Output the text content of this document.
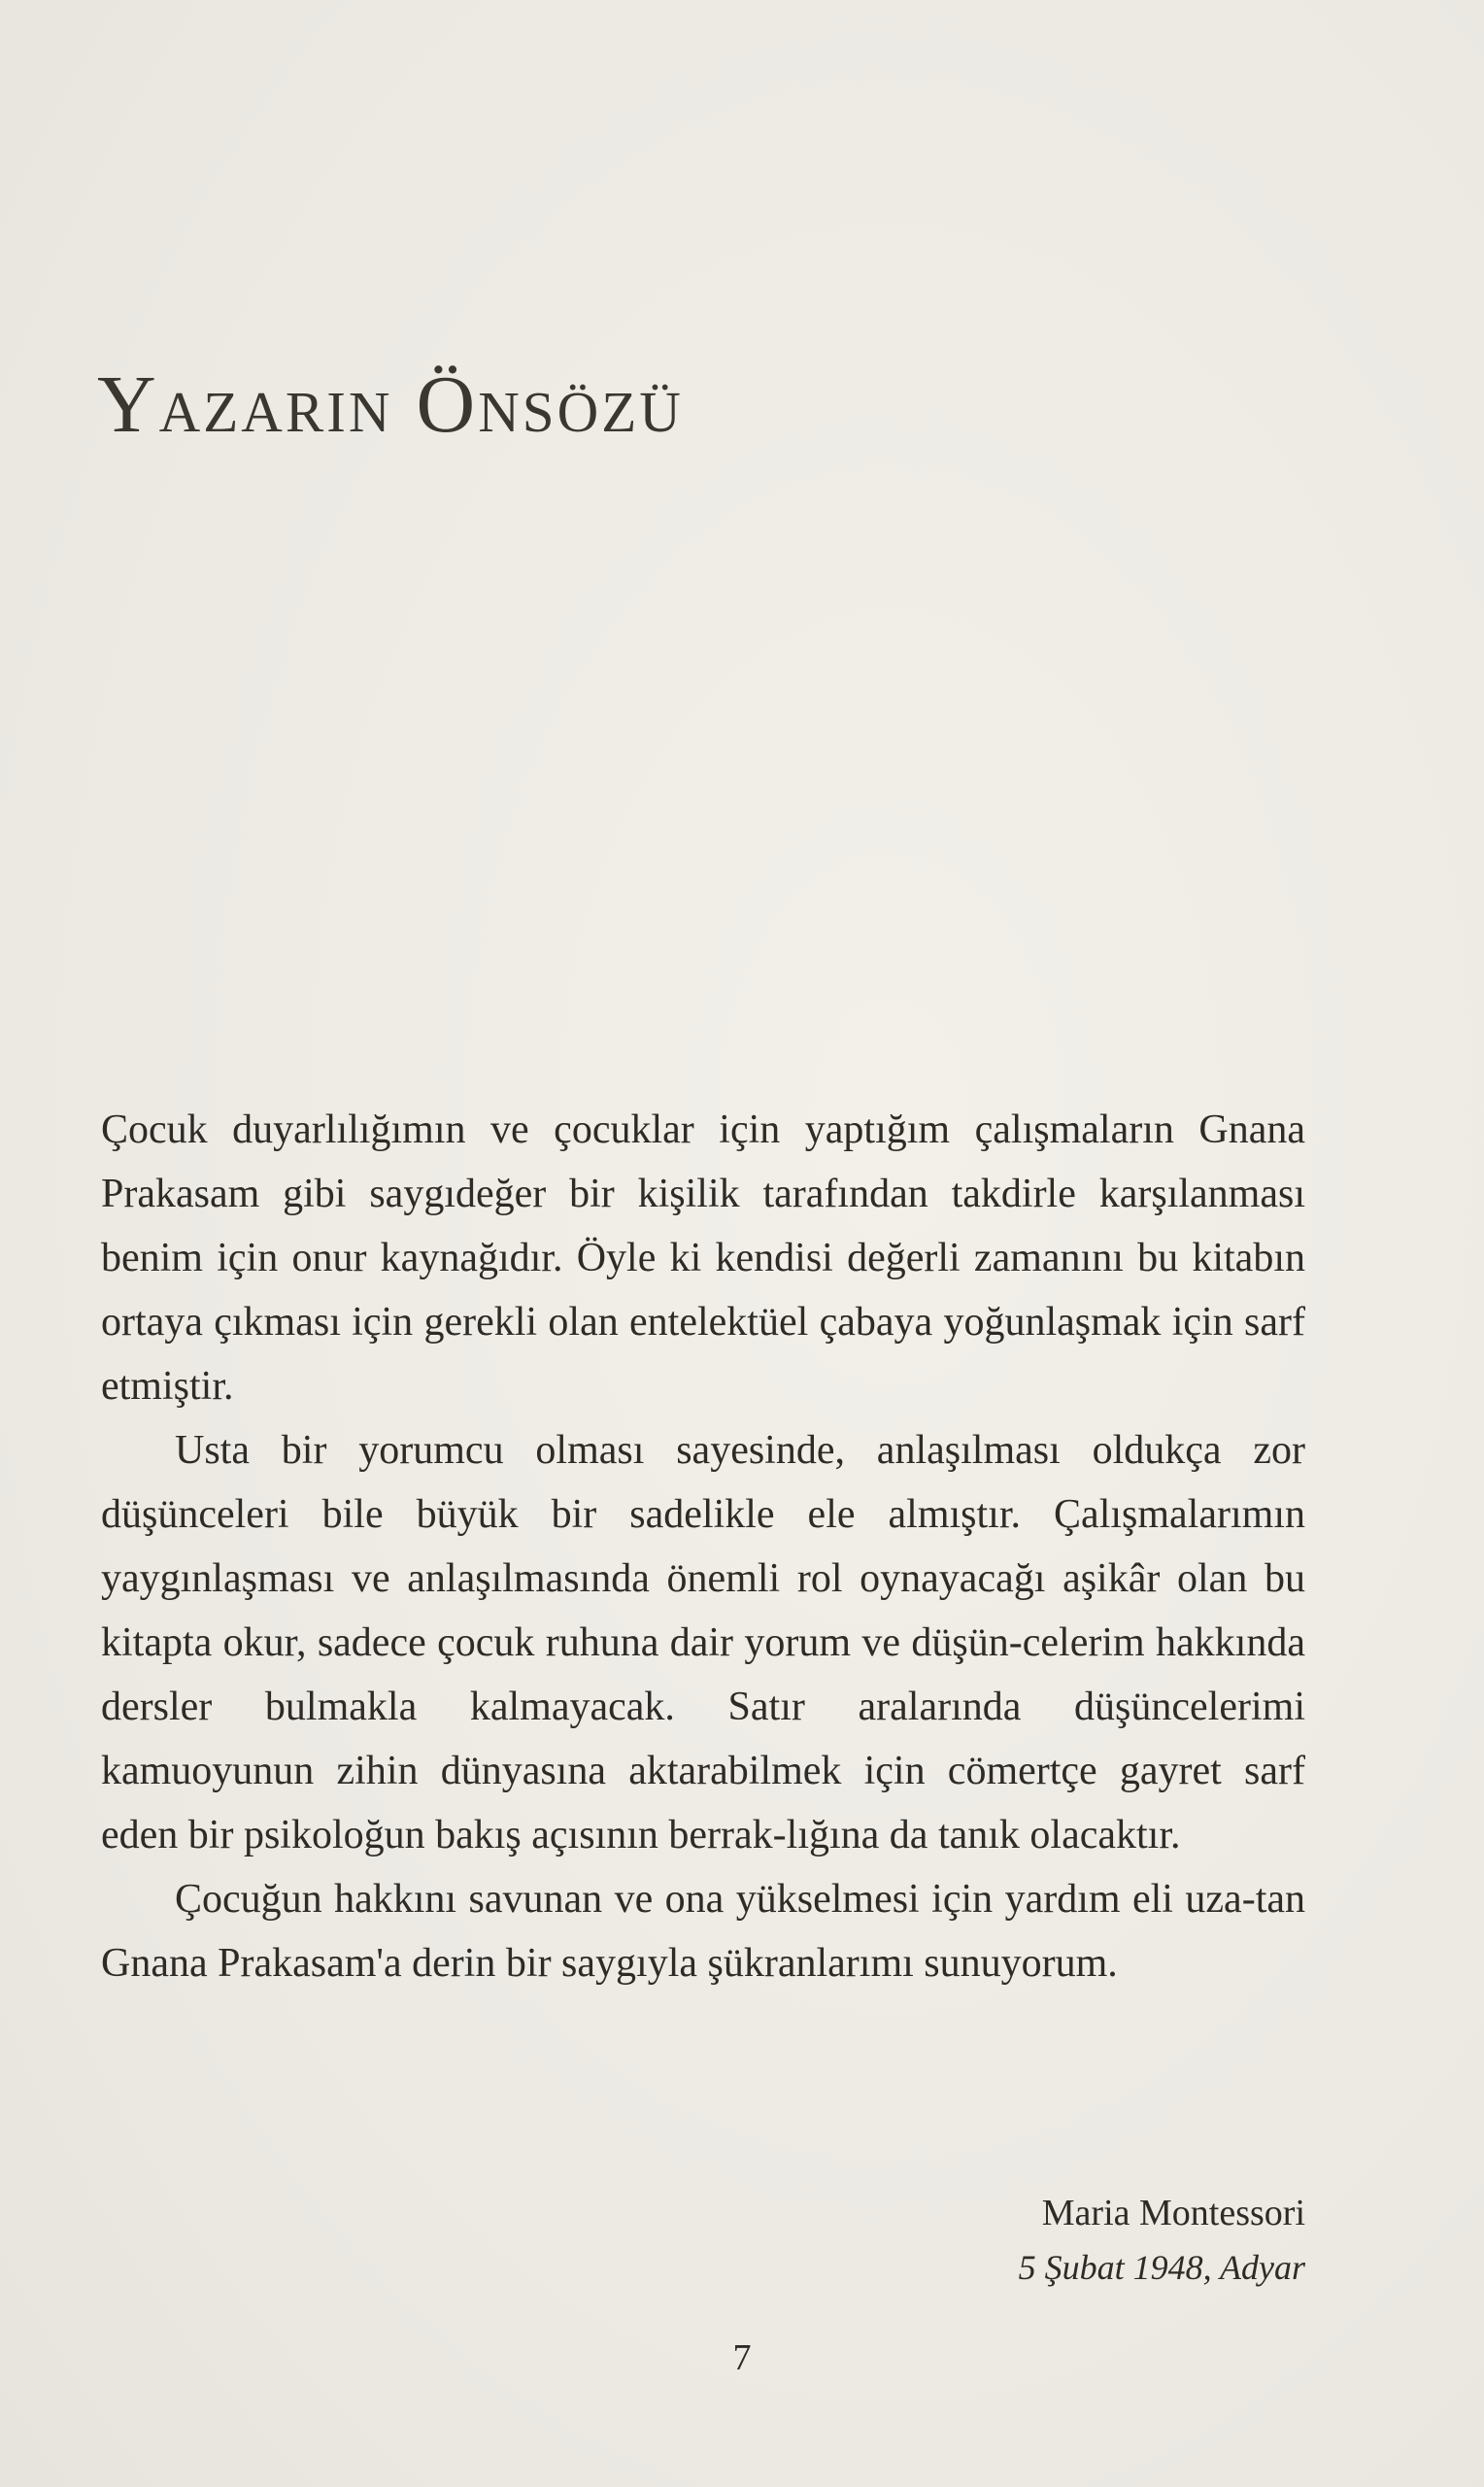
Yazarın Önsözü

Çocuk duyarlılığımın ve çocuklar için yaptığım çalışmaların Gnana Prakasam gibi saygıdeğer bir kişilik tarafından takdirle karşılanması benim için onur kaynağıdır. Öyle ki kendisi değerli zamanını bu kitabın ortaya çıkması için gerekli olan entelektüel çabaya yoğunlaşmak için sarf etmiştir.

Usta bir yorumcu olması sayesinde, anlaşılması oldukça zor düşünceleri bile büyük bir sadelikle ele almıştır. Çalışmalarımın yaygınlaşması ve anlaşılmasında önemli rol oynayacağı aşikâr olan bu kitapta okur, sadece çocuk ruhuna dair yorum ve düşün-celerim hakkında dersler bulmakla kalmayacak. Satır aralarında düşüncelerimi kamuoyunun zihin dünyasına aktarabilmek için cömertçe gayret sarf eden bir psikoloğun bakış açısının berrak-lığına da tanık olacaktır.

Çocuğun hakkını savunan ve ona yükselmesi için yardım eli uza-tan Gnana Prakasam'a derin bir saygıyla şükranlarımı sunuyorum.

Maria Montessori
5 Şubat 1948, Adyar
7
